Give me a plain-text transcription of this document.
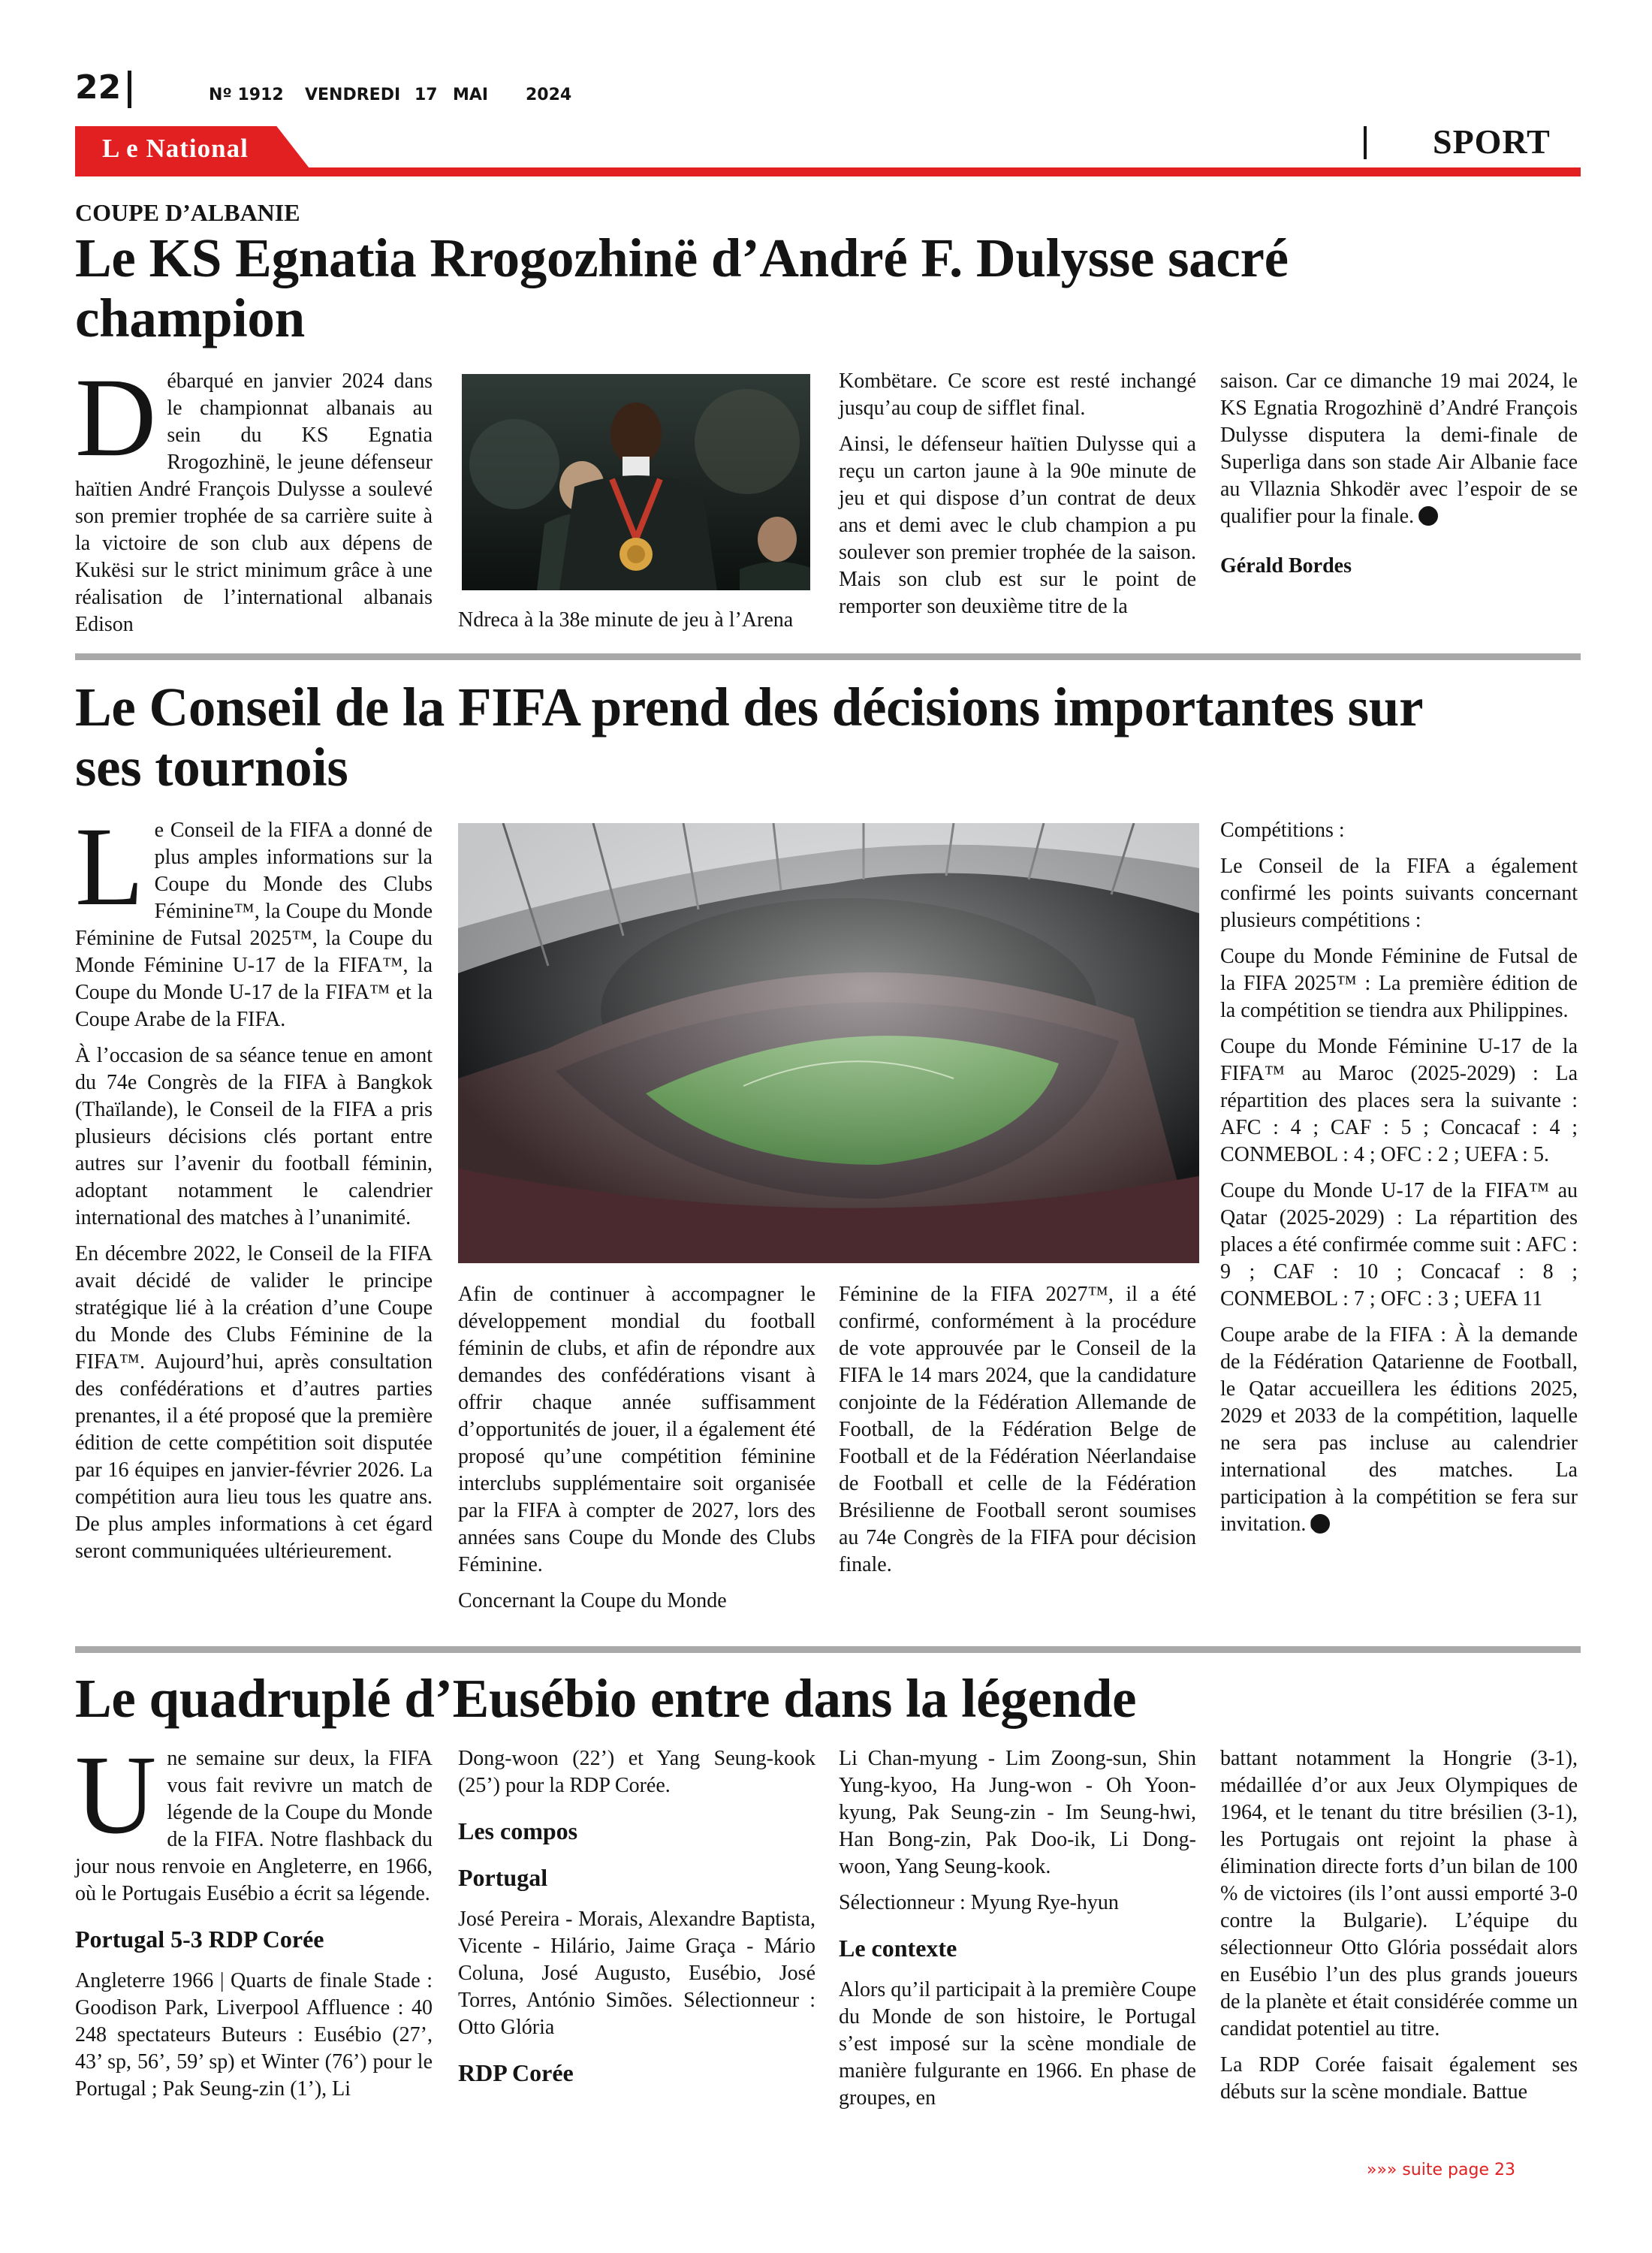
22	Nº 1912 VENDREDI 17 MAI 2024
L e National	SPORT
COUPE D’ALBANIE
Le KS Egnatia Rrogozhinë d’André F. Dulysse sacré
champion

Débarqué en janvier 2024 dans le championnat albanais au sein du KS Egnatia Rrogozhinë, le jeune défenseur haïtien André François Dulysse a soulevé son premier trophée de sa carrière suite à la victoire de son club aux dépens de Kukësi sur le strict minimum grâce à une réalisation de l’international albanais Edison	Ndreca à la 38e minute de jeu à l’Arena

Kombëtare. Ce score est resté inchangé jusqu’au coup de sifflet final.

Ainsi, le défenseur haïtien Dulysse qui a reçu un carton jaune à la 90e minute de jeu et qui dispose d’un contrat de deux ans et demi avec le club champion a pu soulever son premier trophée de la saison. Mais son club est sur le point de remporter son deuxième titre de la

saison. Car ce dimanche 19 mai 2024, le KS Egnatia Rrogozhinë d’André François Dulysse disputera la demi-finale de Superliga dans son stade Air Albanie face au Vllaznia Shkodër avec l’espoir de se qualifier pour la finale.

Gérald Bordes

Le Conseil de la FIFA prend des décisions importantes sur
ses tournois

Le Conseil de la FIFA a donné de plus amples informations sur la Coupe du Monde des Clubs Féminine™, la Coupe du Monde Féminine de Futsal 2025™, la Coupe du Monde Féminine U-17 de la FIFA™, la Coupe du Monde U-17 de la FIFA™ et la Coupe Arabe de la FIFA.

À l’occasion de sa séance tenue en amont du 74e Congrès de la FIFA à Bangkok (Thaïlande), le Conseil de la FIFA a pris plusieurs décisions clés portant entre autres sur l’avenir du football féminin, adoptant notamment le calendrier international des matches à l’unanimité.

En décembre 2022, le Conseil de la FIFA avait décidé de valider le principe stratégique lié à la création d’une Coupe du Monde des Clubs Féminine de la FIFA™. Aujourd’hui, après consultation des confédérations et d’autres parties prenantes, il a été proposé que la première édition de cette compétition soit disputée par 16 équipes en janvier-février 2026. La compétition aura lieu tous les quatre ans. De plus amples informations à cet égard seront communiquées ultérieurement.

Afin de continuer à accompagner le développement mondial du football féminin de clubs, et afin de répondre aux demandes des confédérations visant à offrir chaque année suffisamment d’opportunités de jouer, il a également été proposé qu’une compétition féminine interclubs supplémentaire soit organisée par la FIFA à compter de 2027, lors des années sans Coupe du Monde des Clubs Féminine.

Concernant la Coupe du Monde

Féminine de la FIFA 2027™, il a été confirmé, conformément à la procédure de vote approuvée par le Conseil de la FIFA le 14 mars 2024, que la candidature conjointe de la Fédération Allemande de Football, de la Fédération Belge de Football et de la Fédération Néerlandaise de Football et celle de la Fédération Brésilienne de Football seront soumises au 74e Congrès de la FIFA pour décision finale.

Compétitions :

Le Conseil de la FIFA a également confirmé les points suivants concernant plusieurs compétitions :

Coupe du Monde Féminine de Futsal de la FIFA 2025™ : La première édition de la compétition se tiendra aux Philippines.

Coupe du Monde Féminine U-17 de la FIFA™ au Maroc (2025-2029) : La répartition des places sera la suivante : AFC : 4 ; CAF : 5 ; Concacaf : 4 ; CONMEBOL : 4 ; OFC : 2 ; UEFA : 5.

Coupe du Monde U-17 de la FIFA™ au Qatar (2025-2029) : La répartition des places a été confirmée comme suit : AFC : 9 ; CAF : 10 ; Concacaf : 8 ; CONMEBOL : 7 ; OFC : 3 ; UEFA 11

Coupe arabe de la FIFA : À la demande de la Fédération Qatarienne de Football, le Qatar accueillera les éditions 2025, 2029 et 2033 de la compétition, laquelle ne sera pas incluse au calendrier international des matches. La participation à la compétition se fera sur invitation.

Le quadruplé d’Eusébio entre dans la légende

Une semaine sur deux, la FIFA vous fait revivre un match de légende de la Coupe du Monde de la FIFA. Notre flashback du jour nous renvoie en Angleterre, en 1966, où le Portugais Eusébio a écrit sa légende.

Portugal 5-3 RDP Corée

Angleterre 1966 | Quarts de finale Stade : Goodison Park, Liverpool Affluence : 40 248 spectateurs Buteurs : Eusébio (27’, 43’ sp, 56’, 59’ sp) et Winter (76’) pour le Portugal ; Pak Seung-zin (1’), Li

Dong-woon (22’) et Yang Seung-kook (25’) pour la RDP Corée.

Les compos
Portugal

José Pereira - Morais, Alexandre Baptista, Vicente - Hilário, Jaime Graça - Mário Coluna, José Augusto, Eusébio, José Torres, António Simões. Sélectionneur : Otto Glória

RDP Corée

Li Chan-myung - Lim Zoong-sun, Shin Yung-kyoo, Ha Jung-won - Oh Yoon-kyung, Pak Seung-zin - Im Seung-hwi, Han Bong-zin, Pak Doo-ik, Li Dong-woon, Yang Seung-kook.

Sélectionneur : Myung Rye-hyun

Le contexte

Alors qu’il participait à la première Coupe du Monde de son histoire, le Portugal s’est imposé sur la scène mondiale de manière fulgurante en 1966. En phase de groupes, en

battant notamment la Hongrie (3-1), médaillée d’or aux Jeux Olympiques de 1964, et le tenant du titre brésilien (3-1), les Portugais ont rejoint la phase à élimination directe forts d’un bilan de 100 % de victoires (ils l’ont aussi emporté 3-0 contre la Bulgarie). L’équipe du sélectionneur Otto Glória possédait alors en Eusébio l’un des plus grands joueurs de la planète et était considérée comme un candidat potentiel au titre.

La RDP Corée faisait également ses débuts sur la scène mondiale. Battue

»»» suite page 23
